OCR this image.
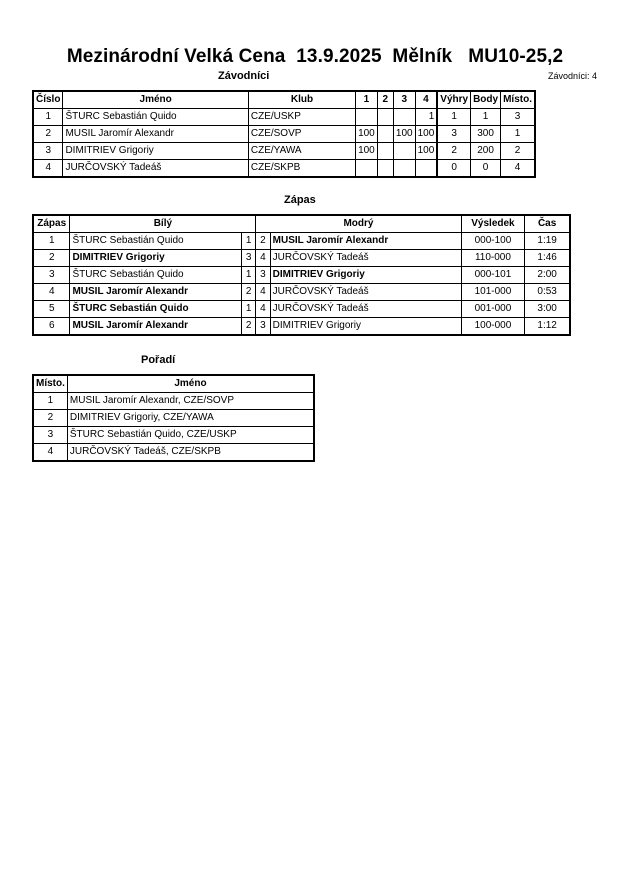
Mezinárodní Velká Cena  13.9.2025  Mělník   MU10-25,2
Závodníci	Závodníci: 4
Číslo	Jméno	Klub	1	2	3	4	Výhry	Body	Místo.
1	ŠTURC Sebastián Quido	CZE/USKP				1	1	1	3
2	MUSIL Jaromír Alexandr	CZE/SOVP	100		100	100	3	300	1
3	DIMITRIEV Grigoriy	CZE/YAWA	100			100	2	200	2
4	JURČOVSKÝ Tadeáš	CZE/SKPB					0	0	4
Zápas
Zápas	Bílý		Modrý		Výsledek	Čas
1	ŠTURC Sebastián Quido	1	2	MUSIL Jaromír Alexandr	000-100	1:19
2	DIMITRIEV Grigoriy	3	4	JURČOVSKÝ Tadeáš	110-000	1:46
3	ŠTURC Sebastián Quido	1	3	DIMITRIEV Grigoriy	000-101	2:00
4	MUSIL Jaromír Alexandr	2	4	JURČOVSKÝ Tadeáš	101-000	0:53
5	ŠTURC Sebastián Quido	1	4	JURČOVSKÝ Tadeáš	001-000	3:00
6	MUSIL Jaromír Alexandr	2	3	DIMITRIEV Grigoriy	100-000	1:12
Pořadí
Místo.	Jméno
1	MUSIL Jaromír Alexandr, CZE/SOVP
2	DIMITRIEV Grigoriy, CZE/YAWA
3	ŠTURC Sebastián Quido, CZE/USKP
4	JURČOVSKÝ Tadeáš, CZE/SKPB
